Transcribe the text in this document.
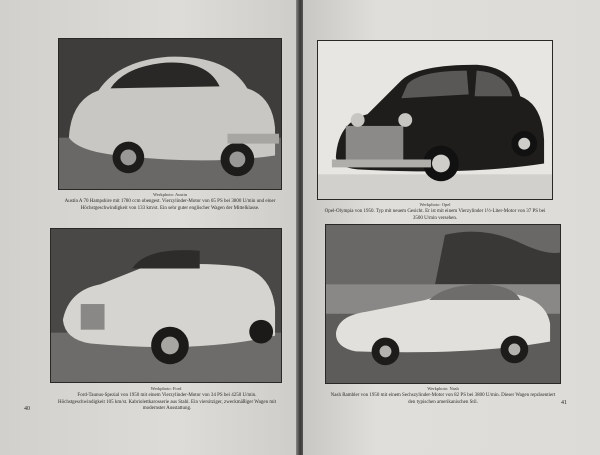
Werkphoto: Austin
Austin A 70 Hampshire mit 1780 ccm obengest. Vierzylinder-Motor von 65 PS bei 3800 U/min und einer Höchstgeschwindigkeit von 133 km/st. Ein sehr guter englischer Wagen der Mittelklasse.
Werkphoto: Ford
Ford-Taunus-Spezial von 1950 mit einem Vierzylinder-Motor von 34 PS bei 4250 U/min. Höchstgeschwindigkeit 105 km/st. Kabriolettkarosserie aus Stahl. Ein viersitziger, zweckmäßiger Wagen mit modernster Ausstattung.
40
Werkphoto: Opel
Opel-Olympia von 1950. Typ mit neuem Gesicht. Er ist mit einem Vierzylinder 1½-Liter-Motor von 37 PS bei 3500 U/min versehen.
Werkphoto: Nash
Nash Rambler von 1950 mit einem Sechszylinder-Motor von 82 PS bei 3800 U/min. Dieser Wagen repräsentiert den typischen amerikanischen Stil.	41
